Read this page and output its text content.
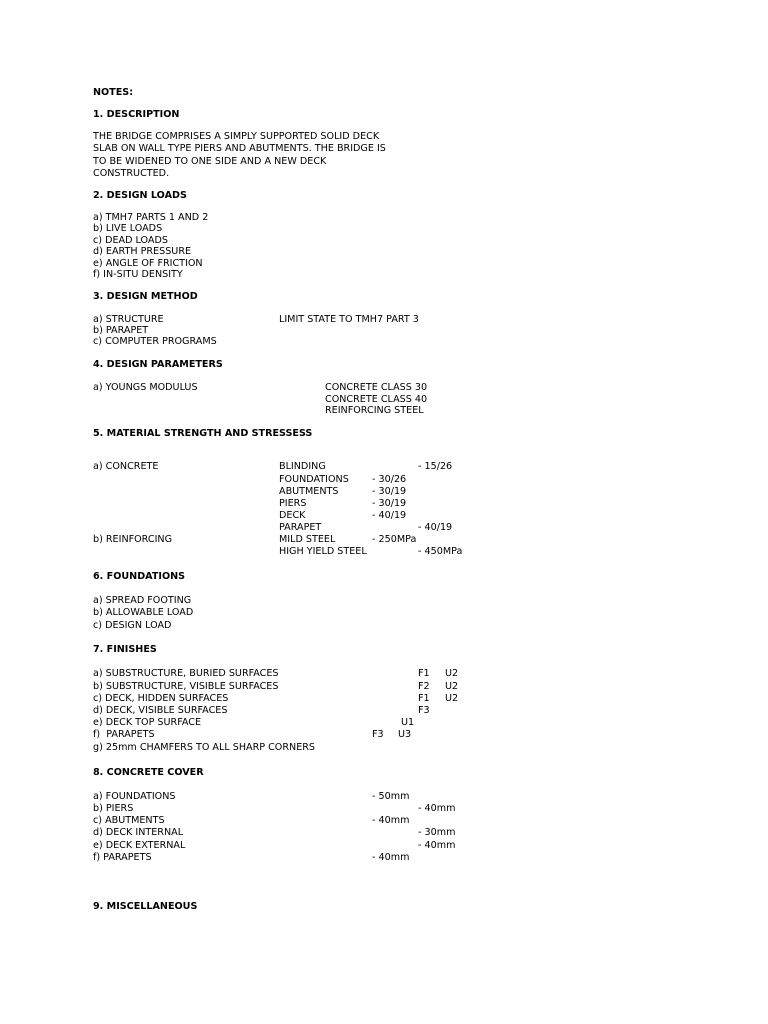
NOTES:
1. DESCRIPTION
THE BRIDGE COMPRISES A SIMPLY SUPPORTED SOLID DECK
SLAB ON WALL TYPE PIERS AND ABUTMENTS. THE BRIDGE IS
TO BE WIDENED TO ONE SIDE AND A NEW DECK
CONSTRUCTED.
2. DESIGN LOADS
a) TMH7 PARTS 1 AND 2
b) LIVE LOADS
c) DEAD LOADS
d) EARTH PRESSURE
e) ANGLE OF FRICTION
f) IN-SITU DENSITY
3. DESIGN METHOD
a) STRUCTURE	LIMIT STATE TO TMH7 PART 3
b) PARAPET
c) COMPUTER PROGRAMS
4. DESIGN PARAMETERS
a) YOUNGS MODULUS	CONCRETE CLASS 30
CONCRETE CLASS 40
REINFORCING STEEL
5. MATERIAL STRENGTH AND STRESSESS
a) CONCRETE	BLINDING	- 15/26
FOUNDATIONS - 30/26
ABUTMENTS	- 30/19
PIERS	- 30/19
DECK	- 40/19
PARAPET	- 40/19
b) REINFORCING	MILD STEEL	- 250MPa
HIGH YIELD STEEL	- 450MPa
6. FOUNDATIONS
a) SPREAD FOOTING
b) ALLOWABLE LOAD
c) DESIGN LOAD
7. FINISHES
a) SUBSTRUCTURE, BURIED SURFACES	F1 U2
b) SUBSTRUCTURE, VISIBLE SURFACES	F2 U2
c) DECK, HIDDEN SURFACES	F1 U2
d) DECK, VISIBLE SURFACES	F3
e) DECK TOP SURFACE	U1
f)  PARAPETS	F3 U3
g) 25mm CHAMFERS TO ALL SHARP CORNERS
8. CONCRETE COVER
a) FOUNDATIONS	- 50mm
b) PIERS	- 40mm
c) ABUTMENTS	- 40mm
d) DECK INTERNAL	- 30mm
e) DECK EXTERNAL	- 40mm
f) PARAPETS	- 40mm
9. MISCELLANEOUS
